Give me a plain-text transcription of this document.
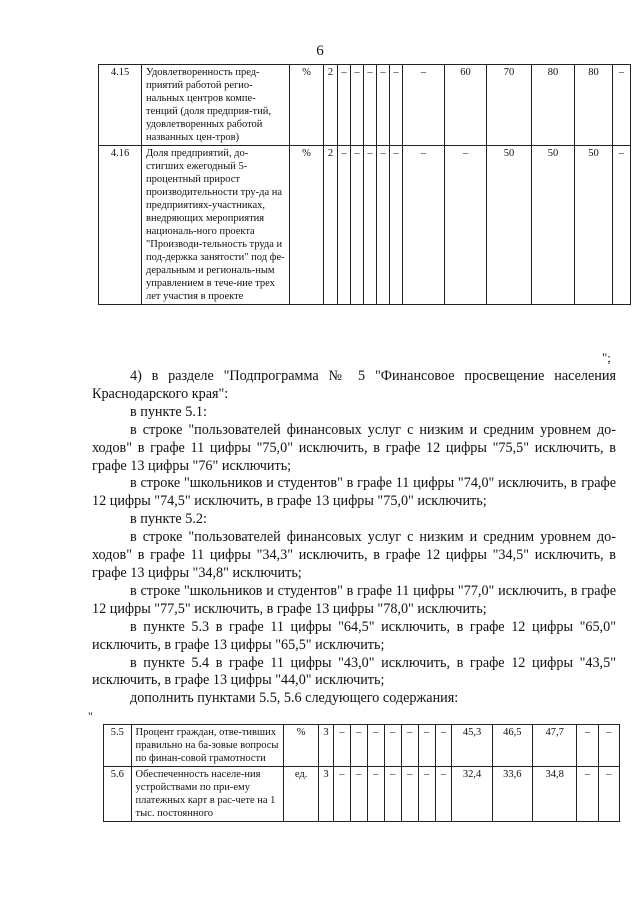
6
4.15	Удовлетворенность пред-приятий работой регио-нальных центров компе-тенций (доля предприя-тий, удовлетворенных работой названных цен-тров)	%	2	–	–	–	–	–	–	60	70	80	80	–
4.16	Доля предприятий, до-стигших ежегодный 5-процентный прирост производительности тру-да на предприятиях-участниках, внедряющих мероприятия националь-ного проекта "Производи-тельность труда и под-держка занятости" под фе-деральным и региональ-ным управлением в тече-ние трех лет участия в проекте	%	2	–	–	–	–	–	–	–	50	50	50	–
";

4) в разделе "Подпрограмма № 5 "Финансовое просвещение населения Краснодарского края":

в пункте 5.1:

в строке "пользователей финансовых услуг с низким и средним уровнем до-ходов" в графе 11 цифры "75,0" исключить, в графе 12 цифры "75,5" исключить, в графе 13 цифры "76" исключить;

в строке "школьников и студентов" в графе 11 цифры "74,0" исключить, в графе 12 цифры "74,5" исключить, в графе 13 цифры "75,0" исключить;

в пункте 5.2:

в строке "пользователей финансовых услуг с низким и средним уровнем до-ходов" в графе 11 цифры "34,3" исключить, в графе 12 цифры "34,5" исключить, в графе 13 цифры "34,8" исключить;

в строке "школьников и студентов" в графе 11 цифры "77,0" исключить, в графе 12 цифры "77,5" исключить, в графе 13 цифры "78,0" исключить;

в пункте 5.3 в графе 11 цифры "64,5" исключить, в графе 12 цифры "65,0" исключить, в графе 13 цифры "65,5" исключить;

в пункте 5.4 в графе 11 цифры "43,0" исключить, в графе 12 цифры "43,5" исключить, в графе 13 цифры "44,0" исключить;

дополнить пунктами 5.5, 5.6 следующего содержания:

"
5.5	Процент граждан, отве-тивших правильно на ба-зовые вопросы по финан-совой грамотности	%	3	–	–	–	–	–	–	–	45,3	46,5	47,7	–	–
5.6	Обеспеченность населе-ния устройствами по при-ему платежных карт в рас-чете на 1 тыс. постоянного	ед.	3	–	–	–	–	–	–	–	32,4	33,6	34,8	–	–
